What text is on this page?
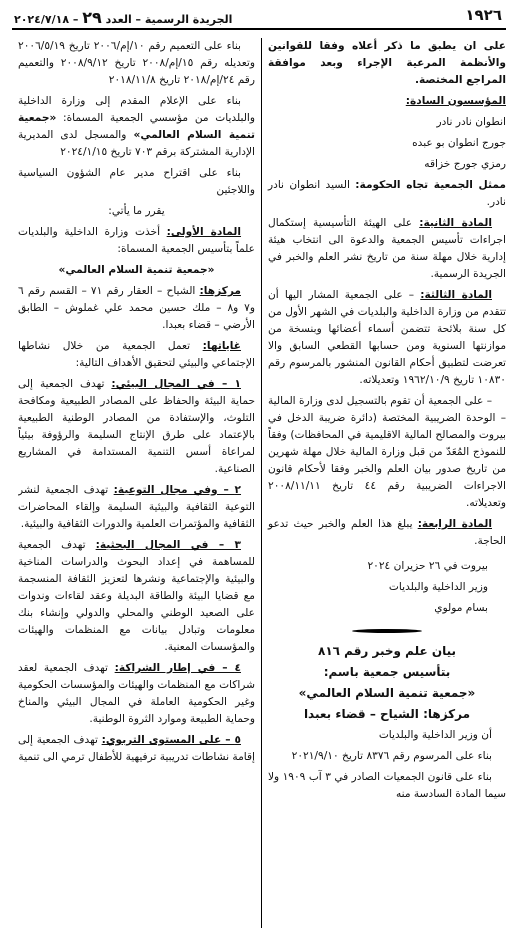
١٩٢٦
الجريدة الرسمية – العدد ٢٩ – ٢٠٢٤/٧/١٨

على ان يطبق ما ذكر أعلاه وفقا للقوانين والأنظمة المرعية الإجراء وبعد موافقة المراجع المختصة.

المؤسسون السادة:

انطوان نادر نادر

جورج انطوان بو عبده

رمزي جورج خزاقه

ممثل الجمعية تجاه الحكومة: السيد انطوان نادر نادر.

المادة الثانية: على الهيئة التأسيسية إستكمال اجراءات تأسيس الجمعية والدعوة الى انتخاب هيئة إدارية خلال مهلة سنة من تاريخ نشر العلم والخبر في الجريدة الرسمية.

المادة الثالثة: – على الجمعية المشار اليها أن تتقدم من وزارة الداخلية والبلديات في الشهر الأول من كل سنة بلائحة تتضمن أسماء أعضائها وبنسخة من موازنتها السنوية ومن حسابها القطعي السابق والا تعرضت لتطبيق أحكام القانون المنشور بالمرسوم رقم ١٠٨٣٠ تاريخ ١٩٦٢/١٠/٩ وتعديلاته.

– على الجمعية أن تقوم بالتسجيل لدى وزارة المالية – الوحدة الضريبية المختصة (دائرة ضريبة الدخل في بيروت والمصالح المالية الاقليمية في المحافظات) وفقاً للنموذج المُعَدّ من قبل وزارة المالية خلال مهلة شهرين من تاريخ صدور بيان العلم والخبر وفقا لأحكام قانون الاجراءات الضريبية رقم ٤٤ تاريخ ٢٠٠٨/١١/١١ وتعديلاته.

المادة الرابعة: يبلغ هذا العلم والخبر حيث تدعو الحاجة.

بيروت في ٢٦ حزيران ٢٠٢٤

وزير الداخلية والبلديات

بسام مولوي

بيان علم وخبر رقم ٨١٦

بتأسيس جمعية باسم:

«جمعية تنمية السلام العالمي»

مركزها: الشياح – قضاء بعبدا

أن وزير الداخلية والبلديات

بناء على المرسوم رقم ٨٣٧٦ تاريخ ٢٠٢١/٩/١٠

بناء على قانون الجمعيات الصادر في ٣ آب ١٩٠٩ ولا سيما المادة السادسة منه

بناء على التعميم رقم ١٠/إم/٢٠٠٦ تاريخ ٢٠٠٦/٥/١٩ وتعديله رقم ١٥/إم/٢٠٠٨ تاريخ ٢٠٠٨/٩/١٢ والتعميم رقم ٢٤/إم/٢٠١٨ تاريخ ٢٠١٨/١١/٨

بناء على الإعلام المقدم إلى وزارة الداخلية والبلديات من مؤسسي الجمعية المسماة: «جمعية تنمية السلام العالمي» والمسجل لدى المديرية الإدارية المشتركة برقم ٧٠٣ تاريخ ٢٠٢٤/١/١٥

بناء على اقتراح مدير عام الشؤون السياسية واللاجئين

يقرر ما يأتي:

المادة الأولى: أخذت وزارة الداخلية والبلديات علماً بتأسيس الجمعية المسماة:

«جمعية تنمية السلام العالمي»

مركزها: الشياح – العقار رقم ٧١ – القسم رقم ٦ و٧ و٨ – ملك حسين محمد علي غملوش – الطابق الأرضي – قضاء بعبدا.

غاياتها: تعمل الجمعية من خلال نشاطها الإجتماعي والبيئي لتحقيق الأهداف التالية:

١ – في المجال البيئي: تهدف الجمعية إلى حماية البيئة والحفاظ على المصادر الطبيعية ومكافحة التلوث، والإستفادة من المصادر الوطنية الطبيعية بالإعتماد على طرق الإنتاج السليمة والرؤوفة بيئياً لمراعاة أسس التنمية المستدامة في المشاريع الصناعية.

٢ – وفي مجال التوعية: تهدف الجمعية لنشر التوعية الثقافية والبيئية السليمة وإلقاء المحاضرات الثقافية والمؤتمرات العلمية والدورات الثقافية والبيئية.

٣ – في المجال البحثية: تهدف الجمعية للمساهمة في إعداد البحوث والدراسات المناخية والبيئية والإجتماعية ونشرها لتعزيز الثقافة المنسجمة مع قضايا البيئة والطاقة البديلة وعقد لقاءات وندوات على الصعيد الوطني والمحلي والدولي وإنشاء بنك معلومات وتبادل بيانات مع المنظمات والهيئات والمؤسسات المعنية.

٤ – في إطار الشراكة: تهدف الجمعية لعقد شراكات مع المنظمات والهيئات والمؤسسات الحكومية وغير الحكومية العاملة في المجال البيئي والمناخ وحماية الطبيعة وموارد الثروة الوطنية.

٥ – على المستوى التربوي: تهدف الجمعية إلى إقامة نشاطات تدريبية ترفيهية للأطفال ترمي الى تنمية
